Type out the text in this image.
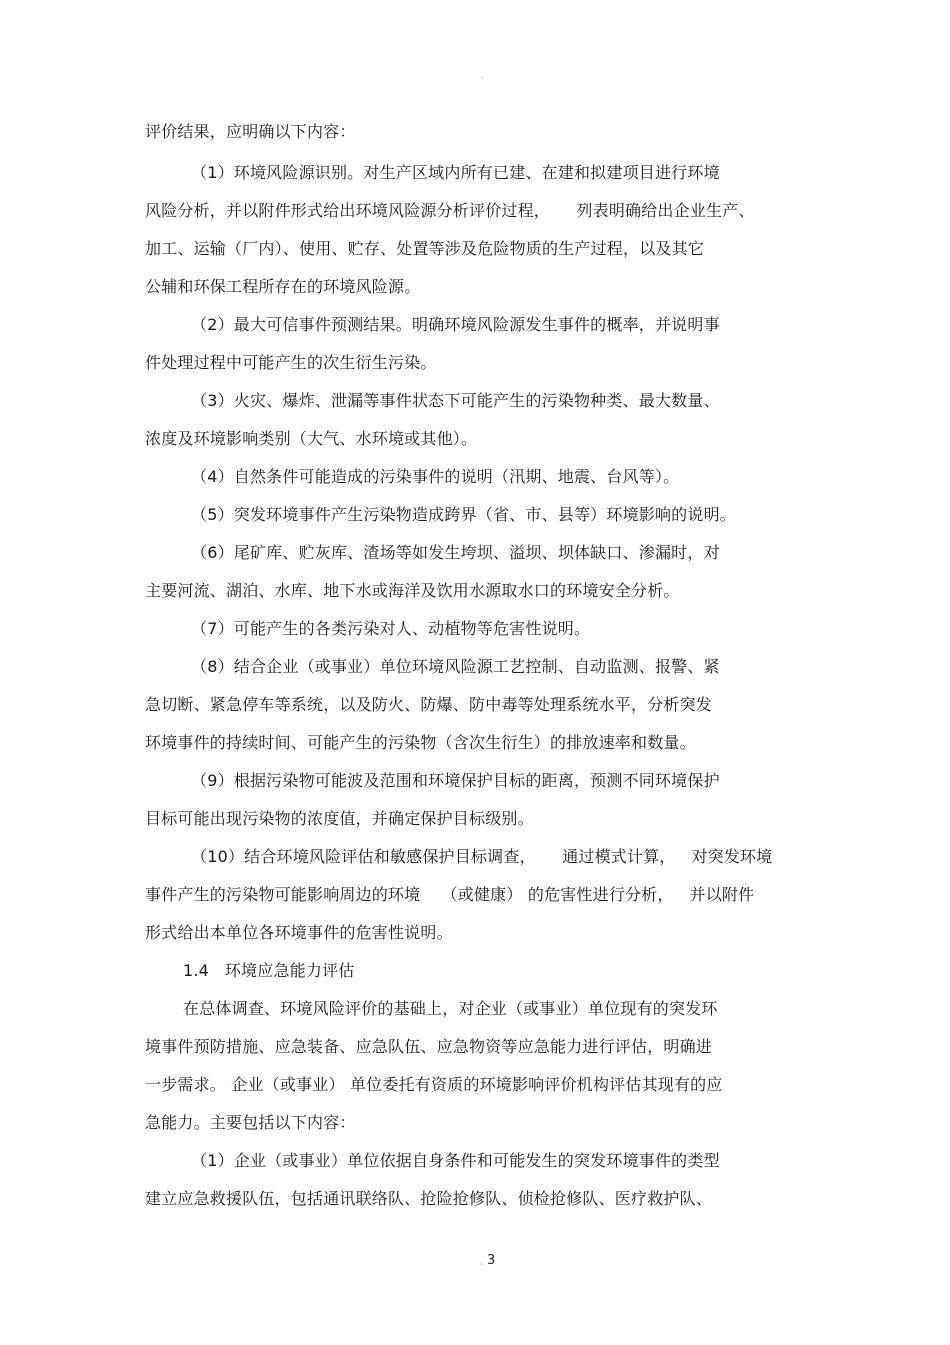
。
评价结果，应明确以下内容：
（1）环境风险源识别。对生产区域内所有已建、在建和拟建项目进行环境
风险分析，并以附件形式给出环境风险源分析评价过程，     列表明确给出企业生产、
加工、运输（厂内）、使用、贮存、处置等涉及危险物质的生产过程，以及其它
公辅和环保工程所存在的环境风险源。
（2）最大可信事件预测结果。明确环境风险源发生事件的概率，并说明事
件处理过程中可能产生的次生衍生污染。
（3）火灾、爆炸、泄漏等事件状态下可能产生的污染物种类、最大数量、
浓度及环境影响类别（大气、水环境或其他）。
（4）自然条件可能造成的污染事件的说明（汛期、地震、台风等）。
（5）突发环境事件产生污染物造成跨界（省、市、县等）环境影响的说明。
（6）尾矿库、贮灰库、渣场等如发生垮坝、溢坝、坝体缺口、渗漏时，对
主要河流、湖泊、水库、地下水或海洋及饮用水源取水口的环境安全分析。
（7）可能产生的各类污染对人、动植物等危害性说明。
（8）结合企业（或事业）单位环境风险源工艺控制、自动监测、报警、紧
急切断、紧急停车等系统，以及防火、防爆、防中毒等处理系统水平，分析突发
环境事件的持续时间、可能产生的污染物（含次生衍生）的排放速率和数量。
（9）根据污染物可能波及范围和环境保护目标的距离，预测不同环境保护
目标可能出现污染物的浓度值，并确定保护目标级别。
（10）结合环境风险评估和敏感保护目标调查，     通过模式计算，   对突发环境
事件产生的污染物可能影响周边的环境    （或健康） 的危害性进行分析，   并以附件
形式给出本单位各环境事件的危害性说明。
1.4   环境应急能力评估
在总体调查、环境风险评价的基础上，对企业（或事业）单位现有的突发环
境事件预防措施、应急装备、应急队伍、应急物资等应急能力进行评估，明确进
一步需求。 企业（或事业） 单位委托有资质的环境影响评价机构评估其现有的应
急能力。主要包括以下内容：
（1）企业（或事业）单位依据自身条件和可能发生的突发环境事件的类型
建立应急救援队伍，包括通讯联络队、抢险抢修队、侦检抢修队、医疗救护队、
。3
